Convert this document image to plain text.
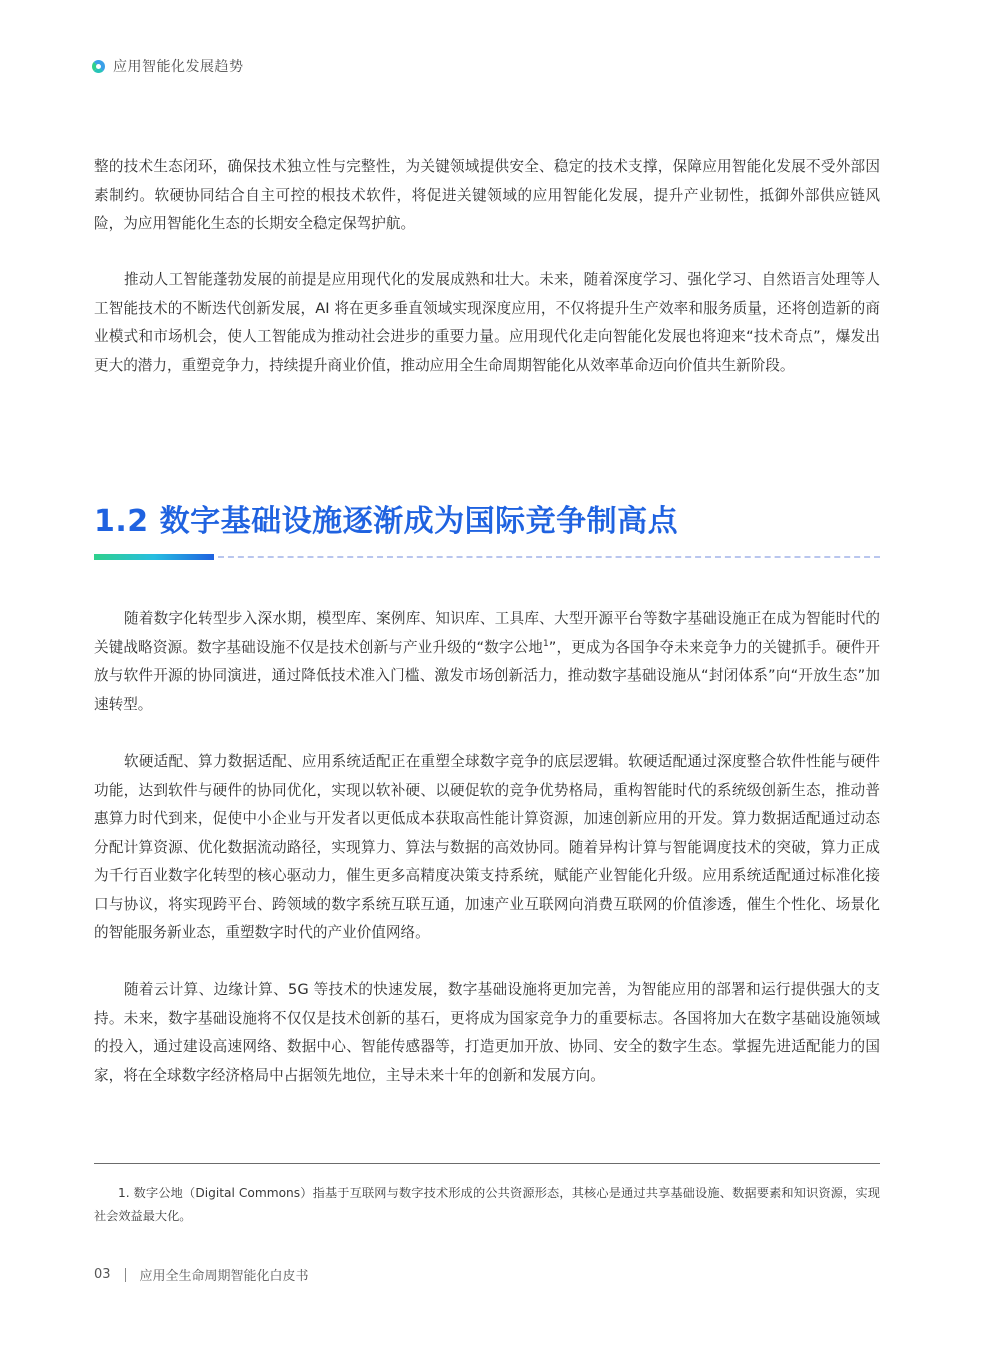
应用智能化发展趋势

整的技术生态闭环，确保技术独立性与完整性，为关键领域提供安全、稳定的技术支撑，保障应用智能化发展不受外部因素制约。软硬协同结合自主可控的根技术软件，将促进关键领域的应用智能化发展，提升产业韧性，抵御外部供应链风险，为应用智能化生态的长期安全稳定保驾护航。

推动人工智能蓬勃发展的前提是应用现代化的发展成熟和壮大。未来，随着深度学习、强化学习、自然语言处理等人工智能技术的不断迭代创新发展，AI 将在更多垂直领域实现深度应用，不仅将提升生产效率和服务质量，还将创造新的商业模式和市场机会，使人工智能成为推动社会进步的重要力量。应用现代化走向智能化发展也将迎来“技术奇点”，爆发出更大的潜力，重塑竞争力，持续提升商业价值，推动应用全生命周期智能化从效率革命迈向价值共生新阶段。

1.2 数字基础设施逐渐成为国际竞争制高点

随着数字化转型步入深水期，模型库、案例库、知识库、工具库、大型开源平台等数字基础设施正在成为智能时代的关键战略资源。数字基础设施不仅是技术创新与产业升级的“数字公地$^1$”，更成为各国争夺未来竞争力的关键抓手。硬件开放与软件开源的协同演进，通过降低技术准入门槛、激发市场创新活力，推动数字基础设施从“封闭体系”向“开放生态”加速转型。

软硬适配、算力数据适配、应用系统适配正在重塑全球数字竞争的底层逻辑。软硬适配通过深度整合软件性能与硬件功能，达到软件与硬件的协同优化，实现以软补硬、以硬促软的竞争优势格局，重构智能时代的系统级创新生态，推动普惠算力时代到来，促使中小企业与开发者以更低成本获取高性能计算资源，加速创新应用的开发。算力数据适配通过动态分配计算资源、优化数据流动路径，实现算力、算法与数据的高效协同。随着异构计算与智能调度技术的突破，算力正成为千行百业数字化转型的核心驱动力，催生更多高精度决策支持系统，赋能产业智能化升级。应用系统适配通过标准化接口与协议，将实现跨平台、跨领域的数字系统互联互通，加速产业互联网向消费互联网的价值渗透，催生个性化、场景化的智能服务新业态，重塑数字时代的产业价值网络。

随着云计算、边缘计算、5G 等技术的快速发展，数字基础设施将更加完善，为智能应用的部署和运行提供强大的支持。未来，数字基础设施将不仅仅是技术创新的基石，更将成为国家竞争力的重要标志。各国将加大在数字基础设施领域的投入，通过建设高速网络、数据中心、智能传感器等，打造更加开放、协同、安全的数字生态。掌握先进适配能力的国家，将在全球数字经济格局中占据领先地位，主导未来十年的创新和发展方向。

1. 数字公地（Digital Commons）指基于互联网与数字技术形成的公共资源形态，其核心是通过共享基础设施、数据要素和知识资源，实现社会效益最大化。

03 应用全生命周期智能化白皮书
